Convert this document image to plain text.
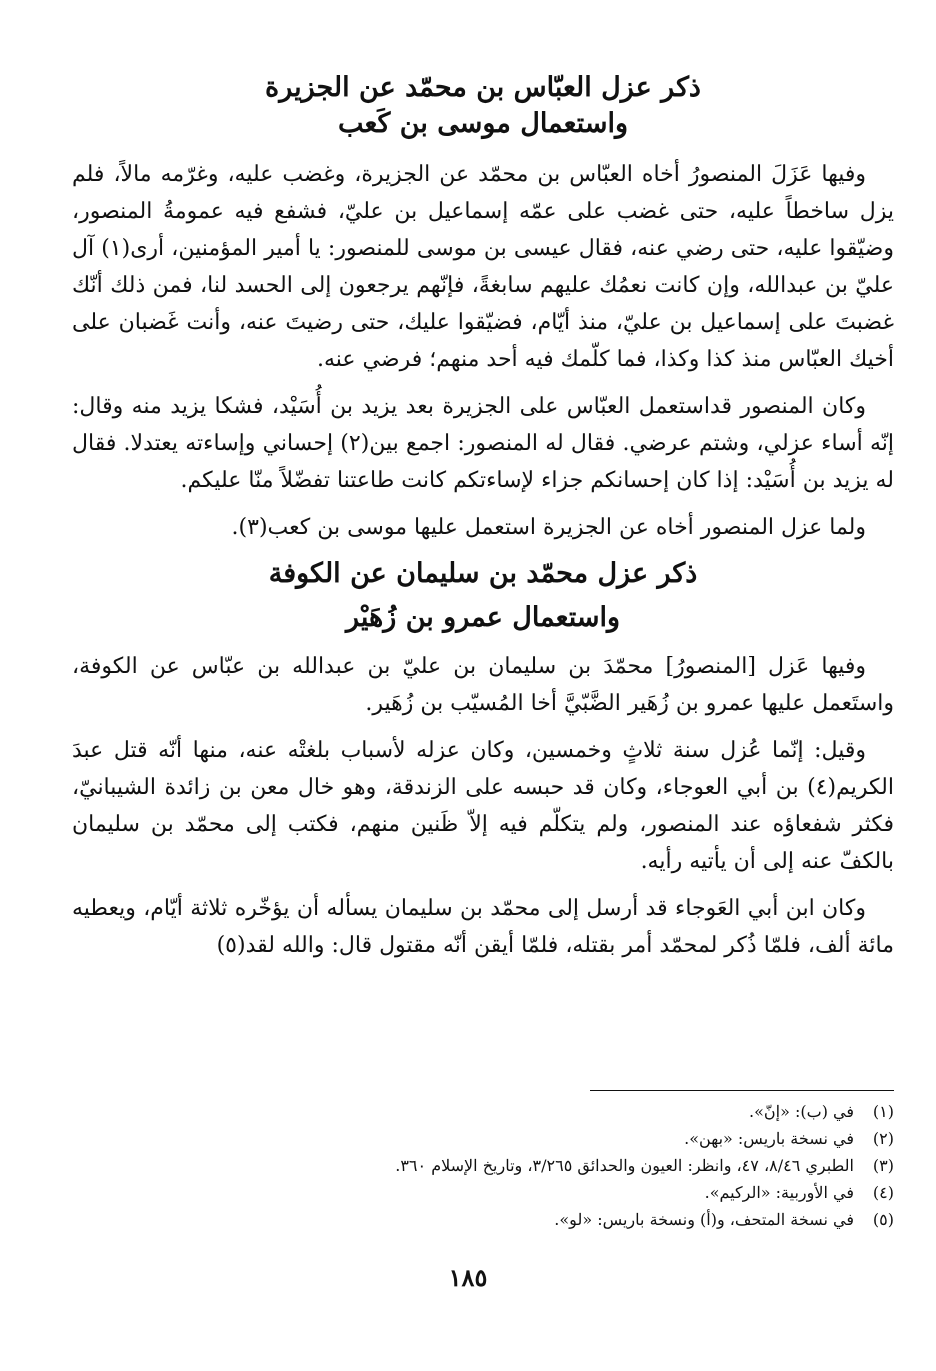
ذكر عزل العبّاس بن محمّد عن الجزيرة
واستعمال موسى بن كَعب

وفيها عَزَلَ المنصورُ أخاه العبّاس بن محمّد عن الجزيرة، وغضب عليه، وغرّمه مالاً، فلم يزل ساخطاً عليه، حتى غضب على عمّه إسماعيل بن عليّ، فشفع فيه عمومةُ المنصور، وضيّقوا عليه، حتى رضي عنه، فقال عيسى بن موسى للمنصور: يا أمير المؤمنين، أرى(١) آل عليّ بن عبدالله، وإن كانت نعمُك عليهم سابغةً، فإنّهم يرجعون إلى الحسد لنا، فمن ذلك أنّك غضبتَ على إسماعيل بن عليّ، منذ أيّام، فضيّقوا عليك، حتى رضيتَ عنه، وأنت غَضبان على أخيك العبّاس منذ كذا وكذا، فما كلّمك فيه أحد منهم؛ فرضي عنه.

وكان المنصور قداستعمل العبّاس على الجزيرة بعد يزيد بن أُسَيْد، فشكا يزيد منه وقال: إنّه أساء عزلي، وشتم عرضي. فقال له المنصور: اجمع بين(٢) إحساني وإساءته يعتدلا. فقال له يزيد بن أُسَيْد: إذا كان إحسانكم جزاء لإساءتكم كانت طاعتنا تفضّلاً منّا عليكم.

ولما عزل المنصور أخاه عن الجزيرة استعمل عليها موسى بن كعب(٣).

ذكر عزل محمّد بن سليمان عن الكوفة
واستعمال عمرو بن زُهَيْر

وفيها عَزل [المنصورُ] محمّدَ بن سليمان بن عليّ بن عبدالله بن عبّاس عن الكوفة، واستَعمل عليها عمرو بن زُهَير الضَّبّيَّ أخا المُسيّب بن زُهَير.

وقيل: إنّما عُزل سنة ثلاثٍ وخمسين، وكان عزله لأسباب بلغتْه عنه، منها أنّه قتل عبدَ الكريم(٤) بن أبي العوجاء، وكان قد حبسه على الزندقة، وهو خال معن بن زائدة الشيبانيّ، فكثر شفعاؤه عند المنصور، ولم يتكلّم فيه إلاّ ظَنين منهم، فكتب إلى محمّد بن سليمان بالكفّ عنه إلى أن يأتيه رأيه.

وكان ابن أبي العَوجاء قد أرسل إلى محمّد بن سليمان يسأله أن يؤخّره ثلاثة أيّام، ويعطيه مائة ألف، فلمّا ذُكر لمحمّد أمر بقتله، فلمّا أيقن أنّه مقتول قال: والله لقد(٥)

(١)
في (ب): «إنّ».
(٢)
في نسخة باريس: «بهن».
(٣)
الطبري ٨/٤٦، ٤٧، وانظر: العيون والحدائق ٣/٢٦٥، وتاريخ الإسلام ٣٦٠.
(٤)
في الأوربية: «الركيم».
(٥)
في نسخة المتحف، و(أ) ونسخة باريس: «لو».
١٨٥
